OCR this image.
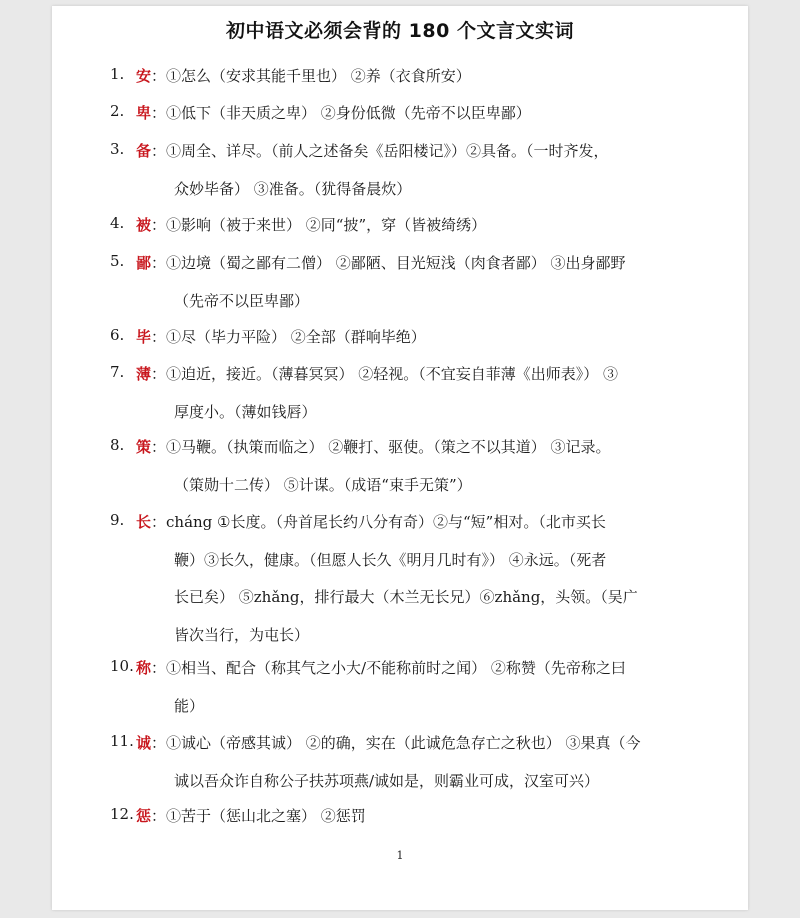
初中语文必须会背的 180 个文言文实词
1. 安：①怎么（安求其能千里也） ②养（衣食所安）
2. 卑：①低下（非天质之卑） ②身份低微（先帝不以臣卑鄙）
3. 备：①周全、详尽。（前人之述备矣《岳阳楼记》）②具备。（一时齐发，
众妙毕备） ③准备。（犹得备晨炊）
4. 被：①影响（被于来世） ②同“披”，穿（皆被绮绣）
5. 鄙：①边境（蜀之鄙有二僧） ②鄙陋、目光短浅（肉食者鄙） ③出身鄙野
（先帝不以臣卑鄙）
6. 毕：①尽（毕力平险） ②全部（群响毕绝）
7. 薄：①迫近，接近。（薄暮冥冥） ②轻视。（不宜妄自菲薄《出师表》） ③
厚度小。（薄如钱唇）
8. 策：①马鞭。（执策而临之） ②鞭打、驱使。（策之不以其道） ③记录。
（策勋十二传） ⑤计谋。（成语“束手无策”）
9. 长：cháng ①长度。（舟首尾长约八分有奇）②与“短”相对。（北市买长
鞭）③长久，健康。（但愿人长久《明月几时有》） ④永远。（死者
长已矣） ⑤zhǎng，排行最大（木兰无长兄）⑥zhǎng，头领。（吴广
皆次当行，为屯长）
10. 称：①相当、配合（称其气之小大/不能称前时之闻） ②称赞（先帝称之曰
能）
11. 诚：①诚心（帝感其诚） ②的确，实在（此诚危急存亡之秋也） ③果真（今
诚以吾众诈自称公子扶苏项燕/诚如是，则霸业可成，汉室可兴）
12. 惩：①苦于（惩山北之塞） ②惩罚
1
